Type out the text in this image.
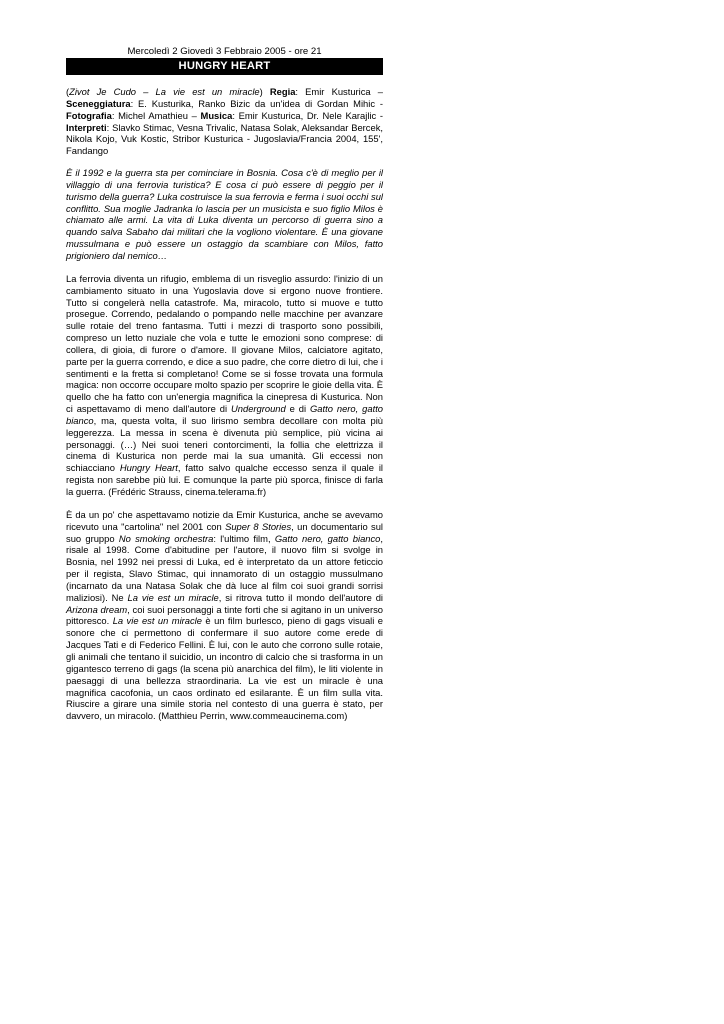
Mercoledì 2 Giovedì 3 Febbraio 2005 - ore 21
HUNGRY HEART

(Zivot Je Cudo – La vie est un miracle) Regia: Emir Kusturica – Sceneggiatura: E. Kusturika, Ranko Bizic da un'idea di Gordan Mihic - Fotografia: Michel Amathieu – Musica: Emir Kusturica, Dr. Nele Karajlic - Interpreti: Slavko Stimac, Vesna Trivalic, Natasa Solak, Aleksandar Bercek, Nikola Kojo, Vuk Kostic, Stribor Kusturica - Jugoslavia/Francia 2004, 155', Fandango

È il 1992 e la guerra sta per cominciare in Bosnia. Cosa c'è di meglio per il villaggio di una ferrovia turistica? E cosa ci può essere di peggio per il turismo della guerra? Luka costruisce la sua ferrovia e ferma i suoi occhi sul conflitto. Sua moglie Jadranka lo lascia per un musicista e suo figlio Milos è chiamato alle armi. La vita di Luka diventa un percorso di guerra sino a quando salva Sabaho dai militari che la vogliono violentare. È una giovane mussulmana e può essere un ostaggio da scambiare con Milos, fatto prigioniero dal nemico…

La ferrovia diventa un rifugio, emblema di un risveglio assurdo: l'inizio di un cambiamento situato in una Yugoslavia dove si ergono nuove frontiere. Tutto si congelerà nella catastrofe. Ma, miracolo, tutto si muove e tutto prosegue. Correndo, pedalando o pompando nelle macchine per avanzare sulle rotaie del treno fantasma. Tutti i mezzi di trasporto sono possibili, compreso un letto nuziale che vola e tutte le emozioni sono comprese: di collera, di gioia, di furore o d'amore. Il giovane Milos, calciatore agitato, parte per la guerra correndo, e dice a suo padre, che corre dietro di lui, che i sentimenti e la fretta si completano! Come se si fosse trovata una formula magica: non occorre occupare molto spazio per scoprire le gioie della vita. È quello che ha fatto con un'energia magnifica la cinepresa di Kusturica. Non ci aspettavamo di meno dall'autore di Underground e di Gatto nero, gatto bianco, ma, questa volta, il suo lirismo sembra decollare con molta più leggerezza. La messa in scena è divenuta più semplice, più vicina ai personaggi. (…) Nei suoi teneri contorcimenti, la follia che elettrizza il cinema di Kusturica non perde mai la sua umanità. Gli eccessi non schiacciano Hungry Heart, fatto salvo qualche eccesso senza il quale il regista non sarebbe più lui. E comunque la parte più sporca, finisce di farla la guerra. (Frédéric Strauss, cinema.telerama.fr)

È da un po' che aspettavamo notizie da Emir Kusturica, anche se avevamo ricevuto una "cartolina" nel 2001 con Super 8 Stories, un documentario sul suo gruppo No smoking orchestra: l'ultimo film, Gatto nero, gatto bianco, risale al 1998. Come d'abitudine per l'autore, il nuovo film si svolge in Bosnia, nel 1992 nei pressi di Luka, ed è interpretato da un attore feticcio per il regista, Slavo Stimac, qui innamorato di un ostaggio mussulmano (incarnato da una Natasa Solak che dà luce al film coi suoi grandi sorrisi maliziosi). Ne La vie est un miracle, si ritrova tutto il mondo dell'autore di Arizona dream, coi suoi personaggi a tinte forti che si agitano in un universo pittoresco. La vie est un miracle è un film burlesco, pieno di gags visuali e sonore che ci permettono di confermare il suo autore come erede di Jacques Tati e di Federico Fellini. È lui, con le auto che corrono sulle rotaie, gli animali che tentano il suicidio, un incontro di calcio che si trasforma in un gigantesco terreno di gags (la scena più anarchica del film), le liti violente in paesaggi di una bellezza straordinaria. La vie est un miracle è una magnifica cacofonia, un caos ordinato ed esilarante. È un film sulla vita. Riuscire a girare una simile storia nel contesto di una guerra è stato, per davvero, un miracolo. (Matthieu Perrin, www.commeaucinema.com)
